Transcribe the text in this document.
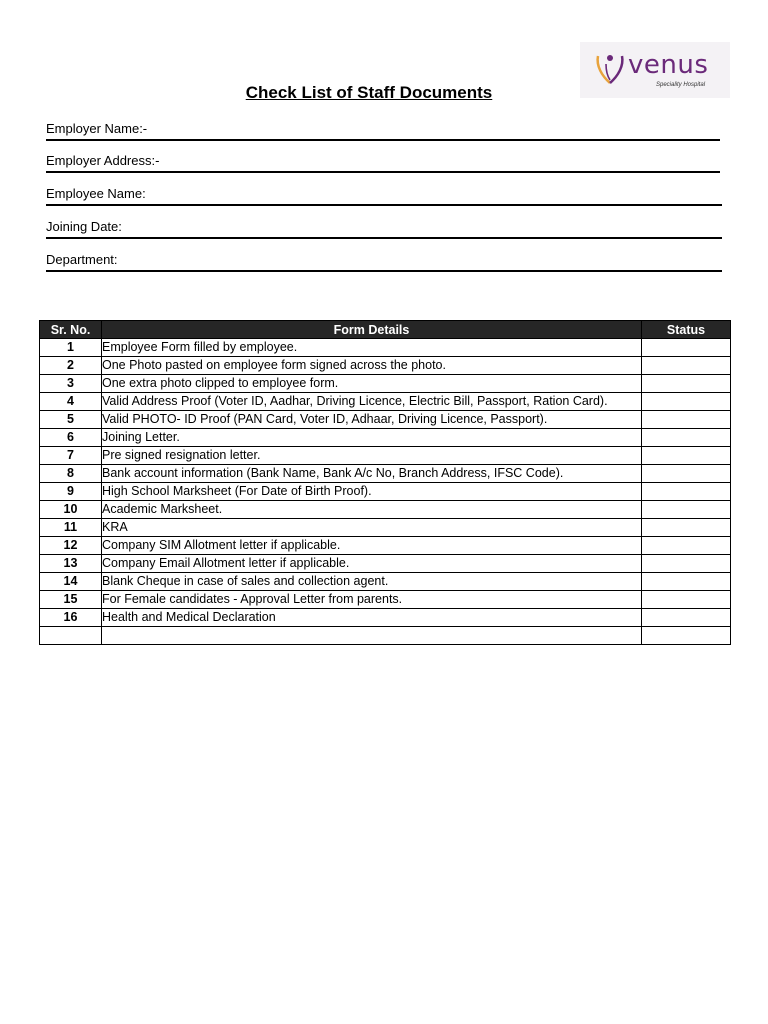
venus
Speciality Hospital
Check List of Staff Documents
Employer Name:-
Employer Address:-
Employee Name:
Joining Date:
Department:
Sr. No.	Form Details	Status
1	Employee Form filled by employee.	
2	One Photo pasted on employee form signed across the photo.	
3	One extra photo clipped to employee form.	
4	Valid Address Proof (Voter ID, Aadhar, Driving Licence, Electric Bill, Passport, Ration Card).	
5	Valid PHOTO- ID Proof (PAN Card, Voter ID, Adhaar, Driving Licence, Passport).	
6	Joining Letter.	
7	Pre signed resignation letter.	
8	Bank account information (Bank Name, Bank A/c No, Branch Address, IFSC Code).	
9	High School Marksheet (For Date of Birth Proof).	
10	Academic Marksheet.	
11	KRA	
12	Company SIM Allotment letter if applicable.	
13	Company Email Allotment letter if applicable.	
14	Blank Cheque in case of sales and collection agent.	
15	For Female candidates - Approval Letter from parents.	
16	Health and Medical Declaration	
